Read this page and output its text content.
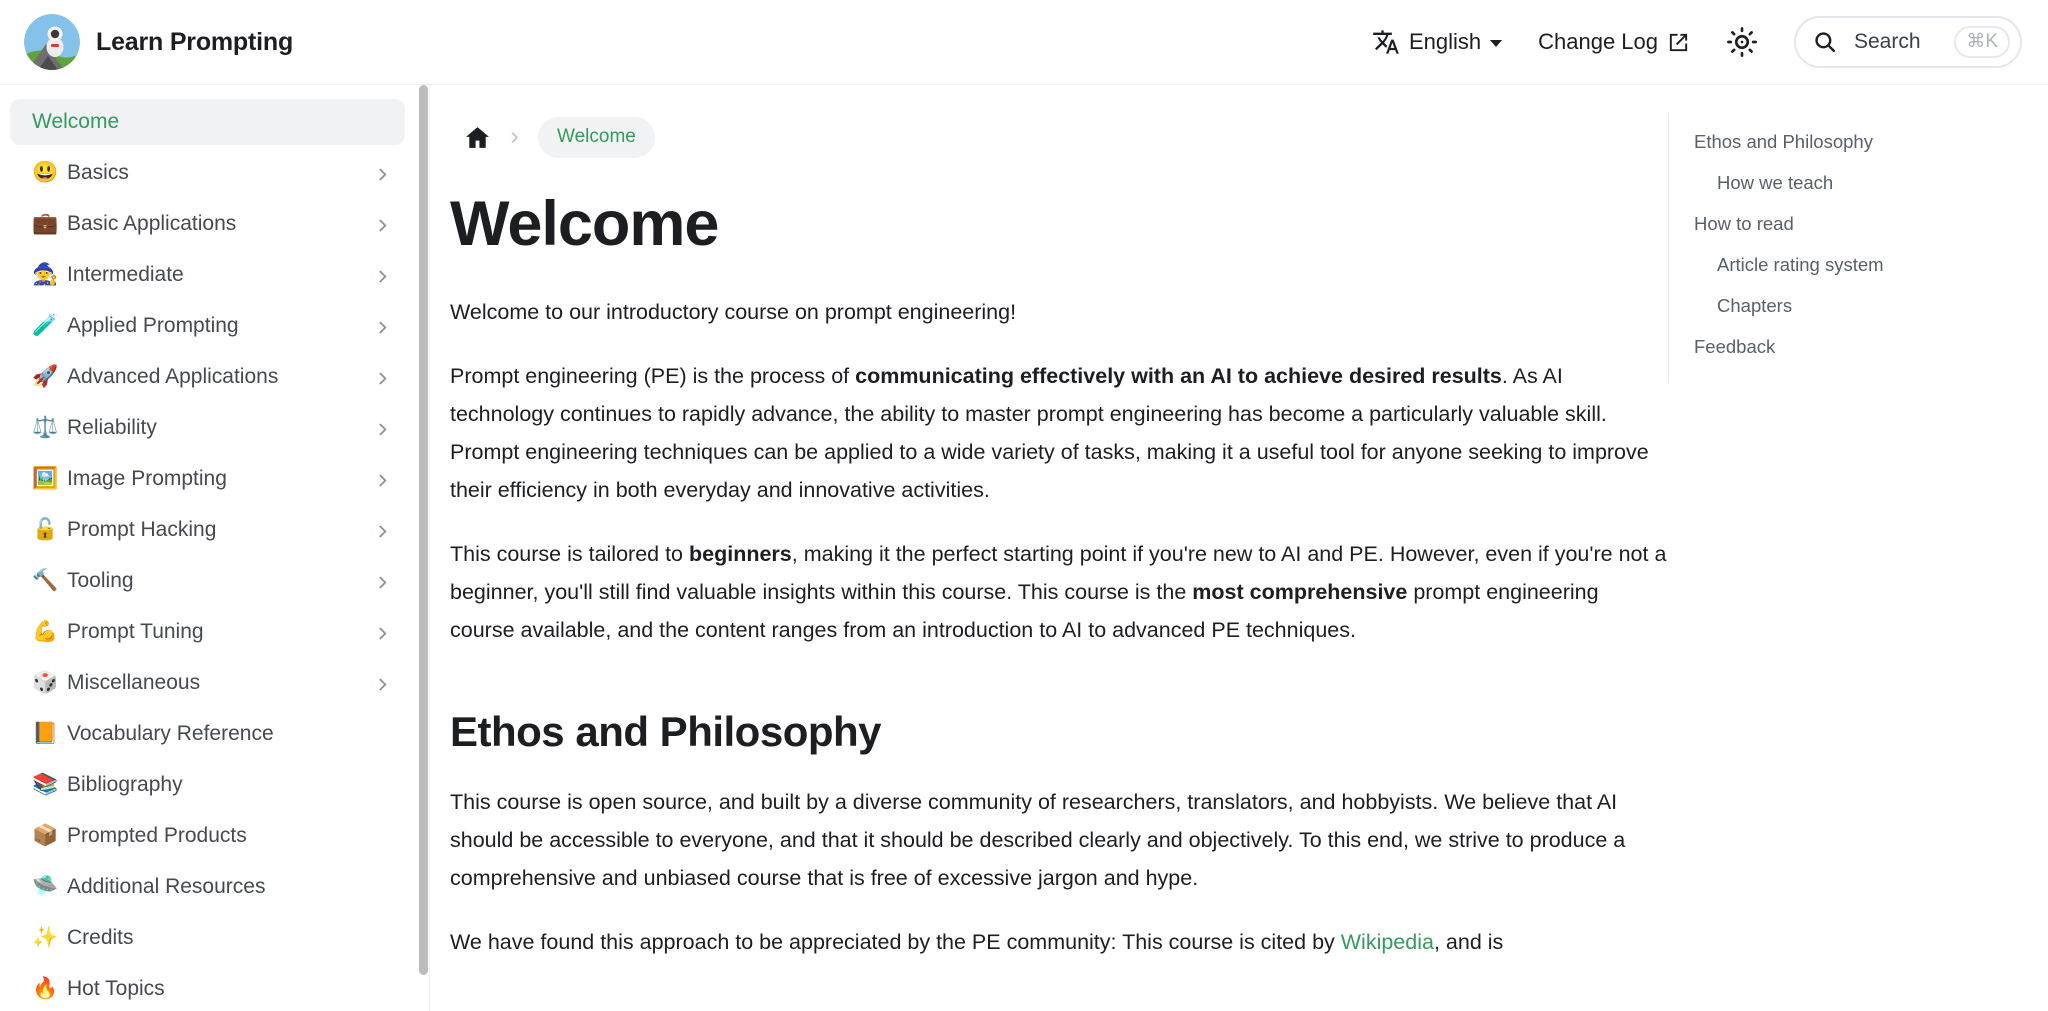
Learn Prompting	English	Change Log	Search	⌘K
Welcome
😃 Basics
💼 Basic Applications
🧙 Intermediate
🧪 Applied Prompting
🚀 Advanced Applications
⚖️ Reliability
🖼️ Image Prompting
🔓 Prompt Hacking
🔨 Tooling
💪 Prompt Tuning
🎲 Miscellaneous
📙 Vocabulary Reference
📚 Bibliography
📦 Prompted Products
🛸 Additional Resources
✨ Credits
🔥 Hot Topics
Welcome
Welcome

Welcome to our introductory course on prompt engineering!

Prompt engineering (PE) is the process of communicating effectively with an AI to achieve desired results. As AI technology continues to rapidly advance, the ability to master prompt engineering has become a particularly valuable skill. Prompt engineering techniques can be applied to a wide variety of tasks, making it a useful tool for anyone seeking to improve their efficiency in both everyday and innovative activities.

This course is tailored to beginners, making it the perfect starting point if you're new to AI and PE. However, even if you're not a beginner, you'll still find valuable insights within this course. This course is the most comprehensive prompt engineering course available, and the content ranges from an introduction to AI to advanced PE techniques.

Ethos and Philosophy

This course is open source, and built by a diverse community of researchers, translators, and hobbyists. We believe that AI should be accessible to everyone, and that it should be described clearly and objectively. To this end, we strive to produce a comprehensive and unbiased course that is free of excessive jargon and hype.

We have found this approach to be appreciated by the PE community: This course is cited by Wikipedia, and is

Ethos and Philosophy
How we teach
How to read
Article rating system
Chapters
Feedback
